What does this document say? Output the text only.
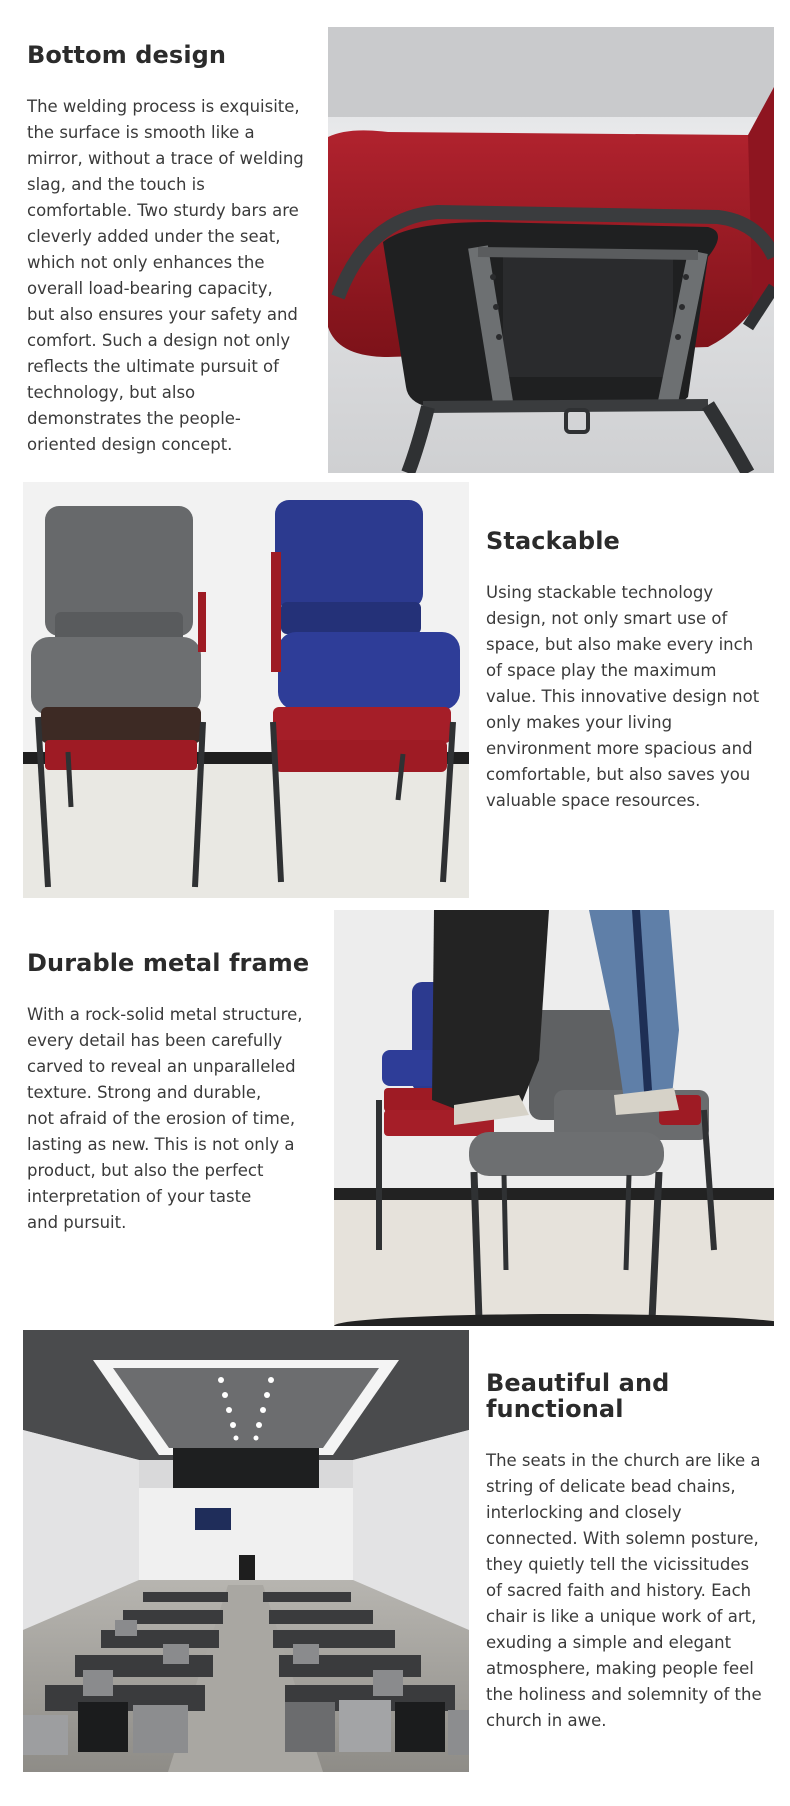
Bottom design

The welding process is exquisite,
the surface is smooth like a
mirror, without a trace of welding
slag, and the touch is
comfortable. Two sturdy bars are
cleverly added under the seat,
which not only enhances the
overall load-bearing capacity,
but also ensures your safety and
comfort. Such a design not only
reflects the ultimate pursuit of
technology, but also
demonstrates the people-
oriented design concept.

Stackable

Using stackable technology
design, not only smart use of
space, but also make every inch
of space play the maximum
value. This innovative design not
only makes your living
environment more spacious and
comfortable, but also saves you
valuable space resources.

Durable metal frame

With a rock-solid metal structure,
every detail has been carefully
carved to reveal an unparalleled
texture. Strong and durable,
not afraid of the erosion of time,
lasting as new. This is not only a
product, but also the perfect
interpretation of your taste
and pursuit.

Beautiful and
functional

The seats in the church are like a
string of delicate bead chains,
interlocking and closely
connected. With solemn posture,
they quietly tell the vicissitudes
of sacred faith and history. Each
chair is like a unique work of art,
exuding a simple and elegant
atmosphere, making people feel
the holiness and solemnity of the
church in awe.
